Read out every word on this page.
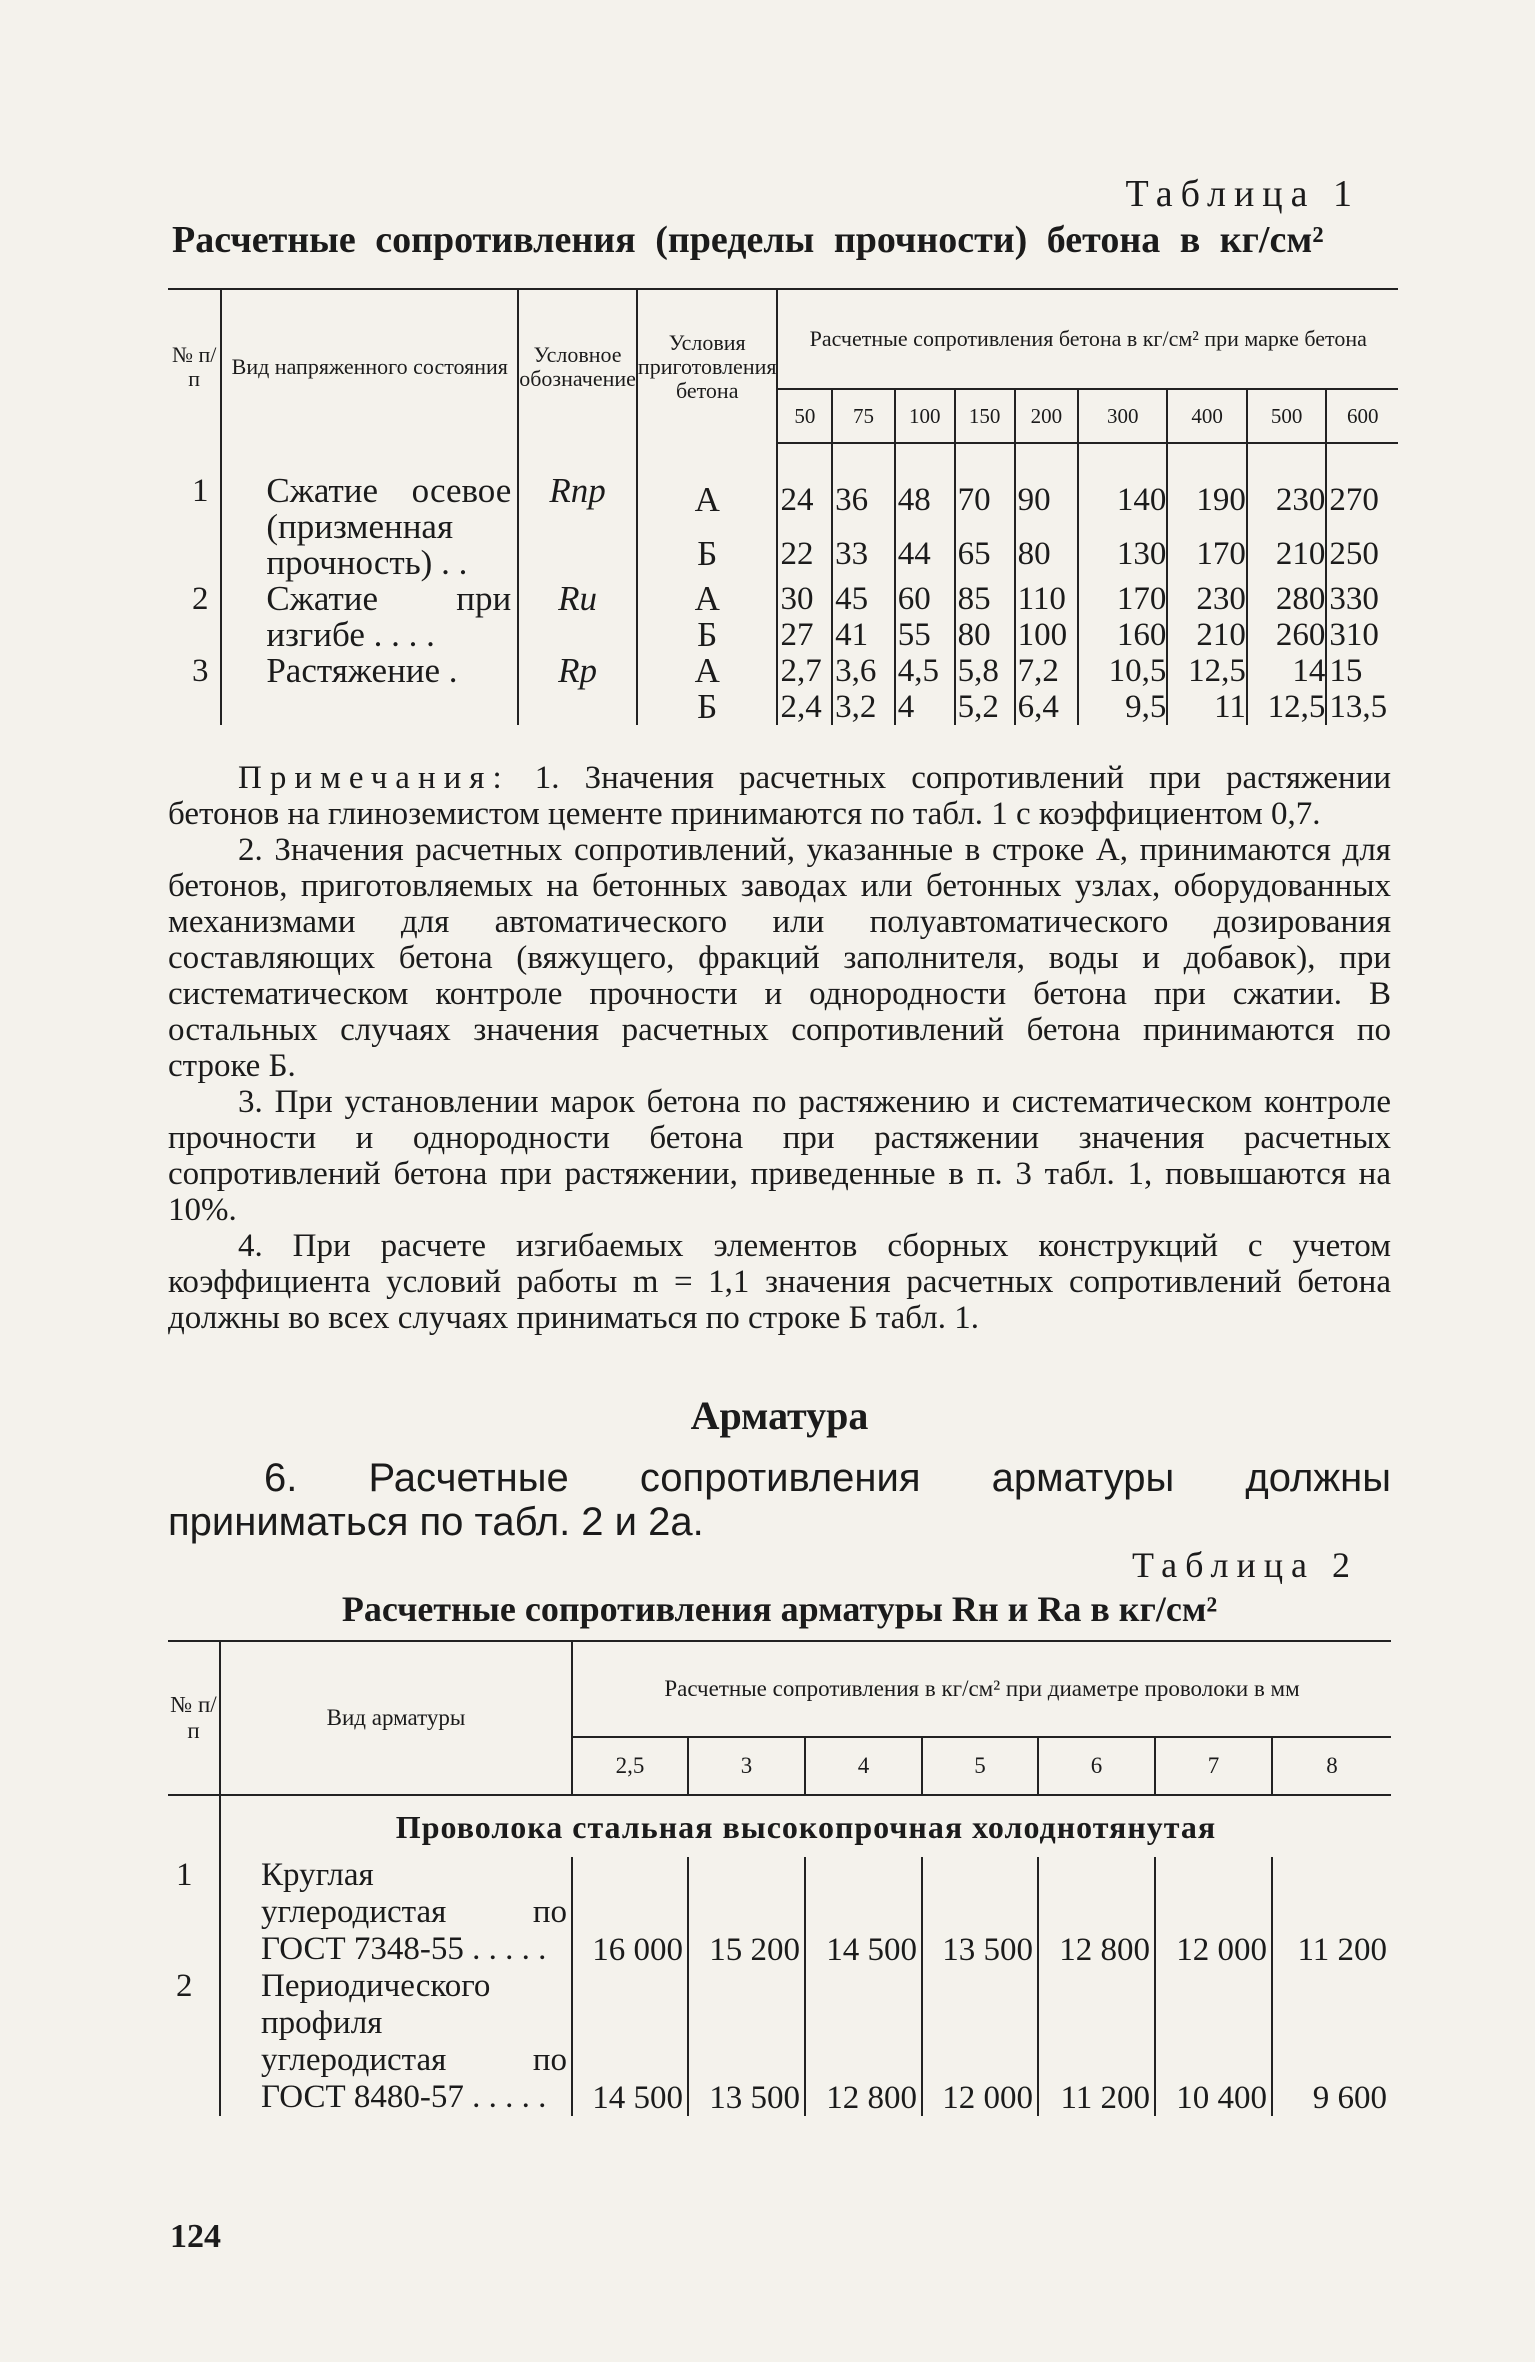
Таблица 1
Расчетные сопротивления (пределы прочности) бетона в кг/см²
№ п/п	Вид напряженного состояния	Условное обозначение	Условия приготовления бетона	Расчетные сопротивления бетона в кг/см² при марке бетона								
				50	75	100	150	200	300	400	500	600

1	Сжатие осевое (призменная прочность) . .	Rпр	А	24	36	48	70	90	140	190	230	270
			Б	22	33	44	65	80	130	170	210	250
2	Сжатие при изгибе . . . .	Rи	А	30	45	60	85	110	170	230	280	330
			Б	27	41	55	80	100	160	210	260	310
3	Растяжение .	Rр	А	2,7	3,6	4,5	5,8	7,2	10,5	12,5	14	15
			Б	2,4	3,2	4	5,2	6,4	9,5	11	12,5	13,5

Примечания: 1. Значения расчетных сопротивлений при растяжении бетонов на глиноземистом цементе принимаются по табл. 1 с коэффициентом 0,7.

2. Значения расчетных сопротивлений, указанные в строке А, принимаются для бетонов, приготовляемых на бетонных заводах или бетонных узлах, оборудованных механизмами для автоматического или полуавтоматического дозирования составляющих бетона (вяжущего, фракций заполнителя, воды и добавок), при систематическом контроле прочности и однородности бетона при сжатии. В остальных случаях значения расчетных сопротивлений бетона принимаются по строке Б.

3. При установлении марок бетона по растяжению и систематическом контроле прочности и однородности бетона при растяжении значения расчетных сопротивлений бетона при растяжении, приведенные в п. 3 табл. 1, повышаются на 10%.

4. При расчете изгибаемых элементов сборных конструкций с учетом коэффициента условий работы m = 1,1 значения расчетных сопротивлений бетона должны во всех случаях приниматься по строке Б табл. 1.

Арматура
6. Расчетные сопротивления арматуры должны приниматься по табл. 2 и 2а.
Таблица 2
Расчетные сопротивления арматуры Rн и Rа в кг/см²
№ п/п	Вид арматуры	Расчетные сопротивления в кг/см² при диаметре проволоки в мм						
		2,5	3	4	5	6	7	8
	Проволока стальная высокопрочная холоднотянутая							
1	Круглая углеродистая по ГОСТ 7348-55 . . . . .	16 000	15 200	14 500	13 500	12 800	12 000	11 200
2	Периодического профиля углеродистая по ГОСТ 8480-57 . . . . .	14 500	13 500	12 800	12 000	11 200	10 400	9 600
124
